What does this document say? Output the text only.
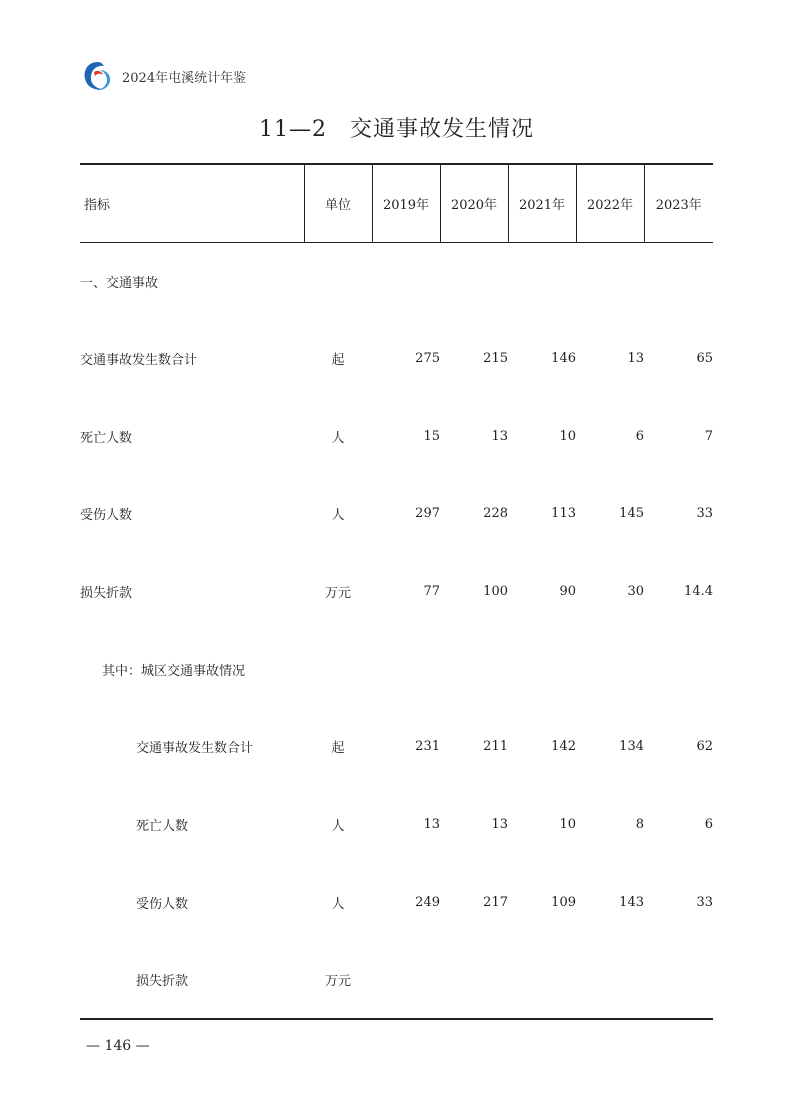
2024年屯溪统计年鉴
11—2　交通事故发生情况
指标	单位	2019年	2020年	2021年	2022年	2023年
一、交通事故						
交通事故发生数合计	起	275	215	146	13	65
死亡人数	人	15	13	10	6	7
受伤人数	人	297	228	113	145	33
损失折款	万元	77	100	90	30	14.4
其中：城区交通事故情况						
交通事故发生数合计	起	231	211	142	134	62
死亡人数	人	13	13	10	8	6
受伤人数	人	249	217	109	143	33
损失折款	万元					
— 146 —
